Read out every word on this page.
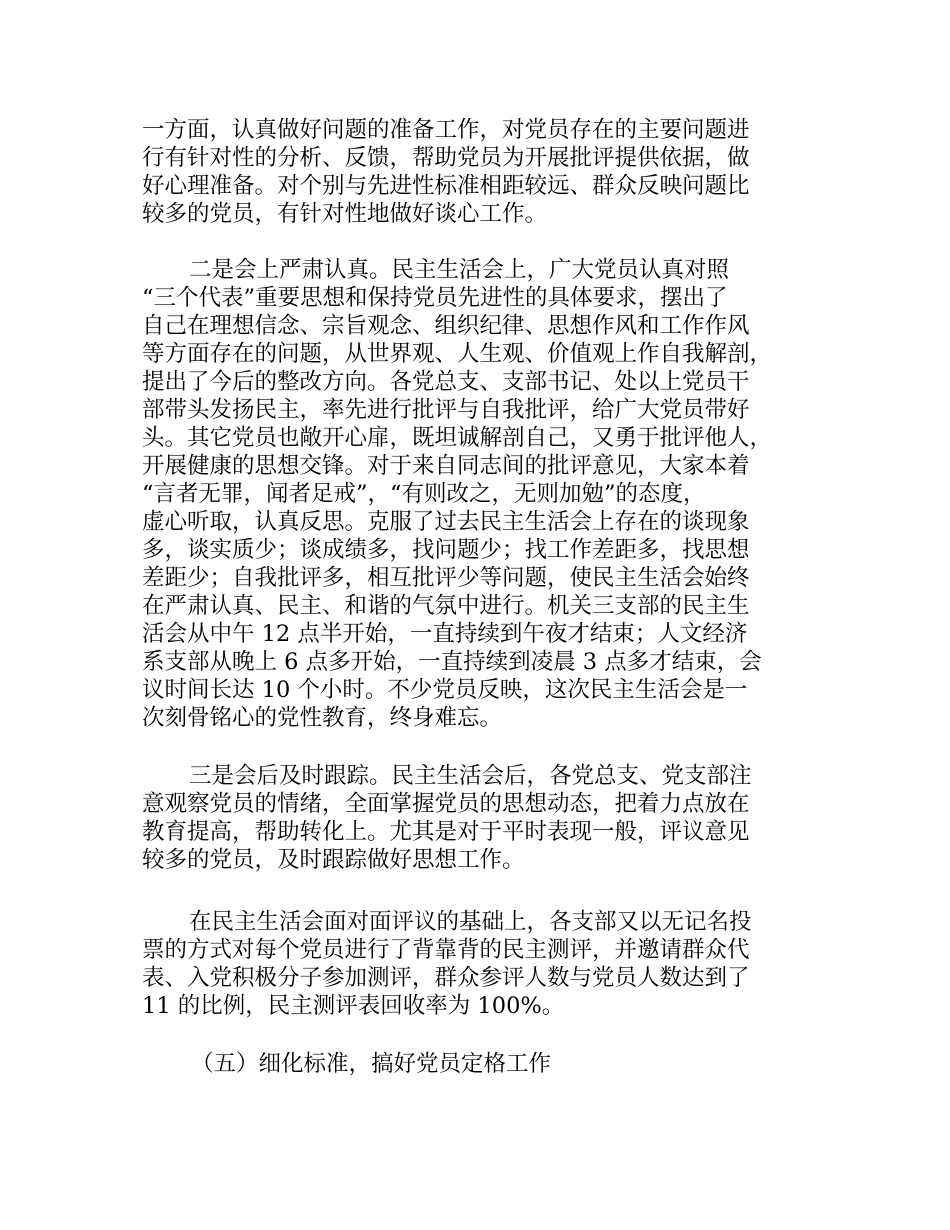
一方面，认真做好问题的准备工作，对党员存在的主要问题进
行有针对性的分析、反馈，帮助党员为开展批评提供依据，做
好心理准备。对个别与先进性标准相距较远、群众反映问题比
较多的党员，有针对性地做好谈心工作。
二是会上严肃认真。民主生活会上，广大党员认真对照
“三个代表”重要思想和保持党员先进性的具体要求，摆出了
自己在理想信念、宗旨观念、组织纪律、思想作风和工作作风
等方面存在的问题，从世界观、人生观、价值观上作自我解剖，
提出了今后的整改方向。各党总支、支部书记、处以上党员干
部带头发扬民主，率先进行批评与自我批评，给广大党员带好
头。其它党员也敞开心扉，既坦诚解剖自己，又勇于批评他人，
开展健康的思想交锋。对于来自同志间的批评意见，大家本着
“言者无罪，闻者足戒”，“有则改之，无则加勉”的态度，
虚心听取，认真反思。克服了过去民主生活会上存在的谈现象
多，谈实质少；谈成绩多，找问题少；找工作差距多，找思想
差距少；自我批评多，相互批评少等问题，使民主生活会始终
在严肃认真、民主、和谐的气氛中进行。机关三支部的民主生
活会从中午 12 点半开始，一直持续到午夜才结束；人文经济
系支部从晚上 6 点多开始，一直持续到凌晨 3 点多才结束，会
议时间长达 10 个小时。不少党员反映，这次民主生活会是一
次刻骨铭心的党性教育，终身难忘。
三是会后及时跟踪。民主生活会后，各党总支、党支部注
意观察党员的情绪，全面掌握党员的思想动态，把着力点放在
教育提高，帮助转化上。尤其是对于平时表现一般，评议意见
较多的党员，及时跟踪做好思想工作。
在民主生活会面对面评议的基础上，各支部又以无记名投
票的方式对每个党员进行了背靠背的民主测评，并邀请群众代
表、入党积极分子参加测评，群众参评人数与党员人数达到了
11 的比例，民主测评表回收率为 100%。
（五）细化标准，搞好党员定格工作
